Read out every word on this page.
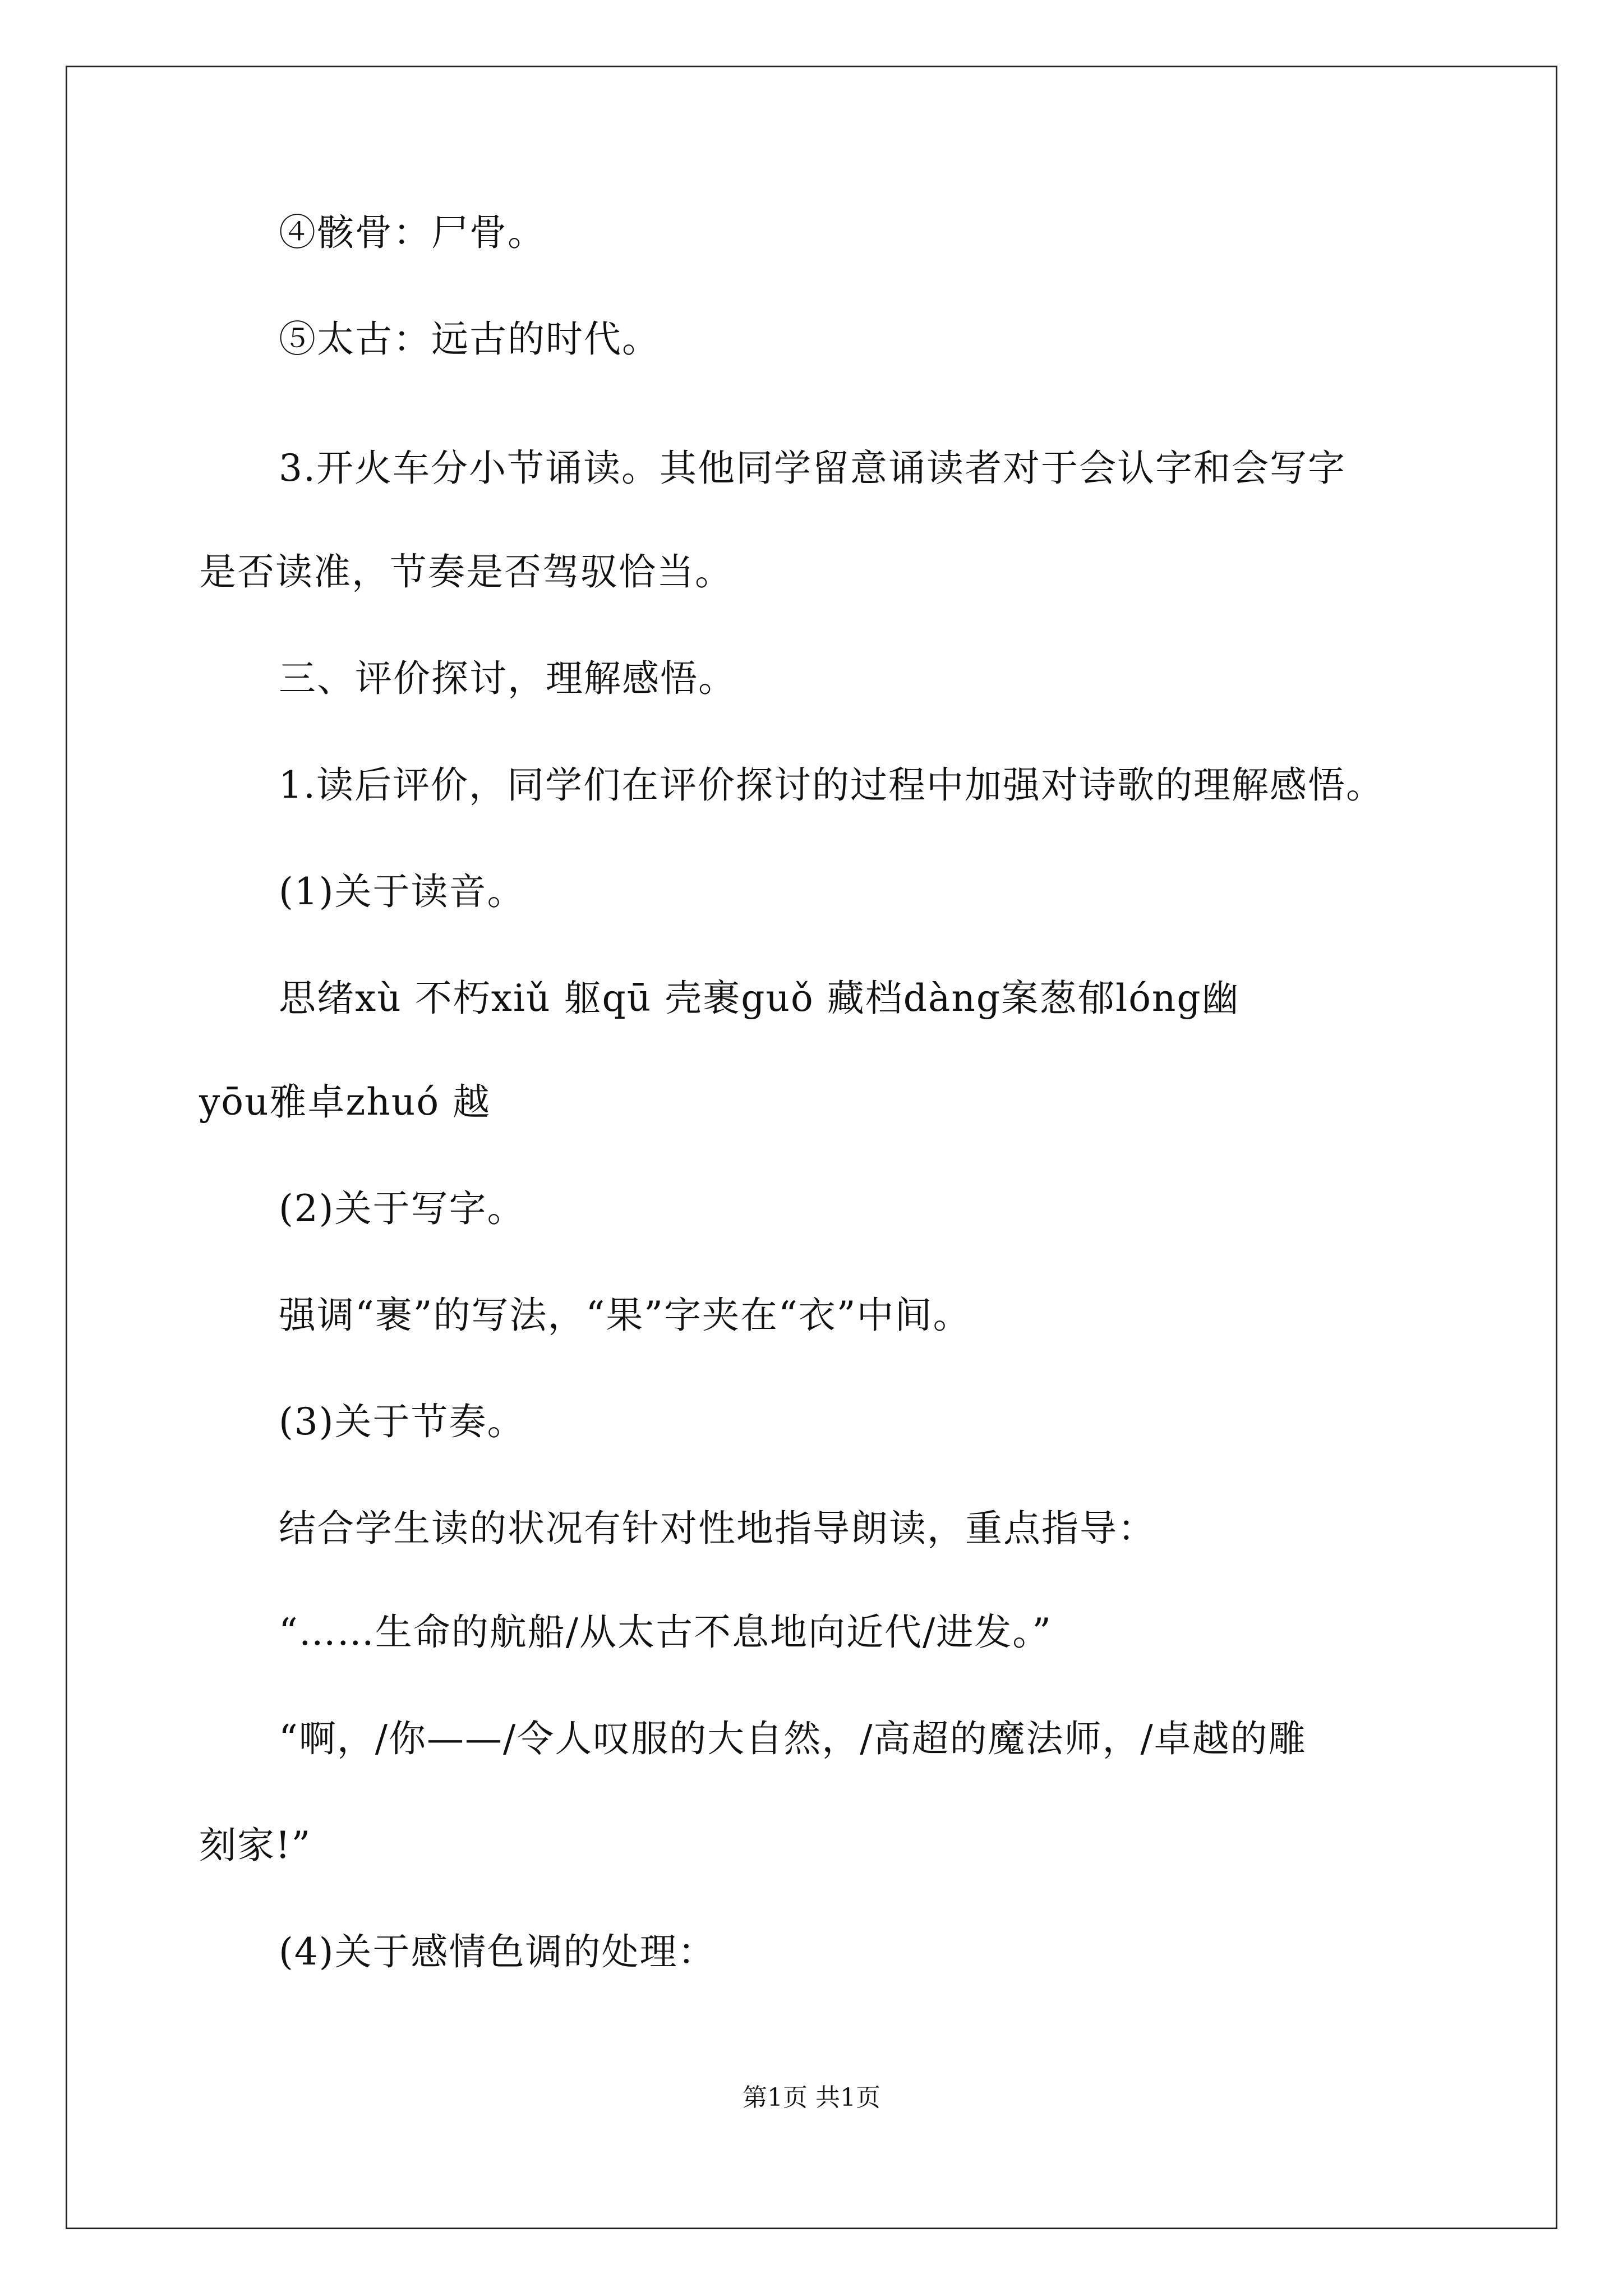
④骸骨：尸骨。
⑤太古：远古的时代。
3.开火车分小节诵读。其他同学留意诵读者对于会认字和会写字
是否读准，节奏是否驾驭恰当。
三、评价探讨，理解感悟。
1.读后评价，同学们在评价探讨的过程中加强对诗歌的理解感悟。
(1)关于读音。
思绪xù 不朽xiǔ 躯qū 壳裹guǒ 藏档dàng案葱郁lóng幽
yōu雅卓zhuó 越
(2)关于写字。
强调“裹”的写法，“果”字夹在“衣”中间。
(3)关于节奏。
结合学生读的状况有针对性地指导朗读，重点指导：
“……生命的航船/从太古不息地向近代/进发。”
“啊，/你——/令人叹服的大自然，/高超的魔法师，/卓越的雕
刻家!”
(4)关于感情色调的处理：
第1页 共1页
